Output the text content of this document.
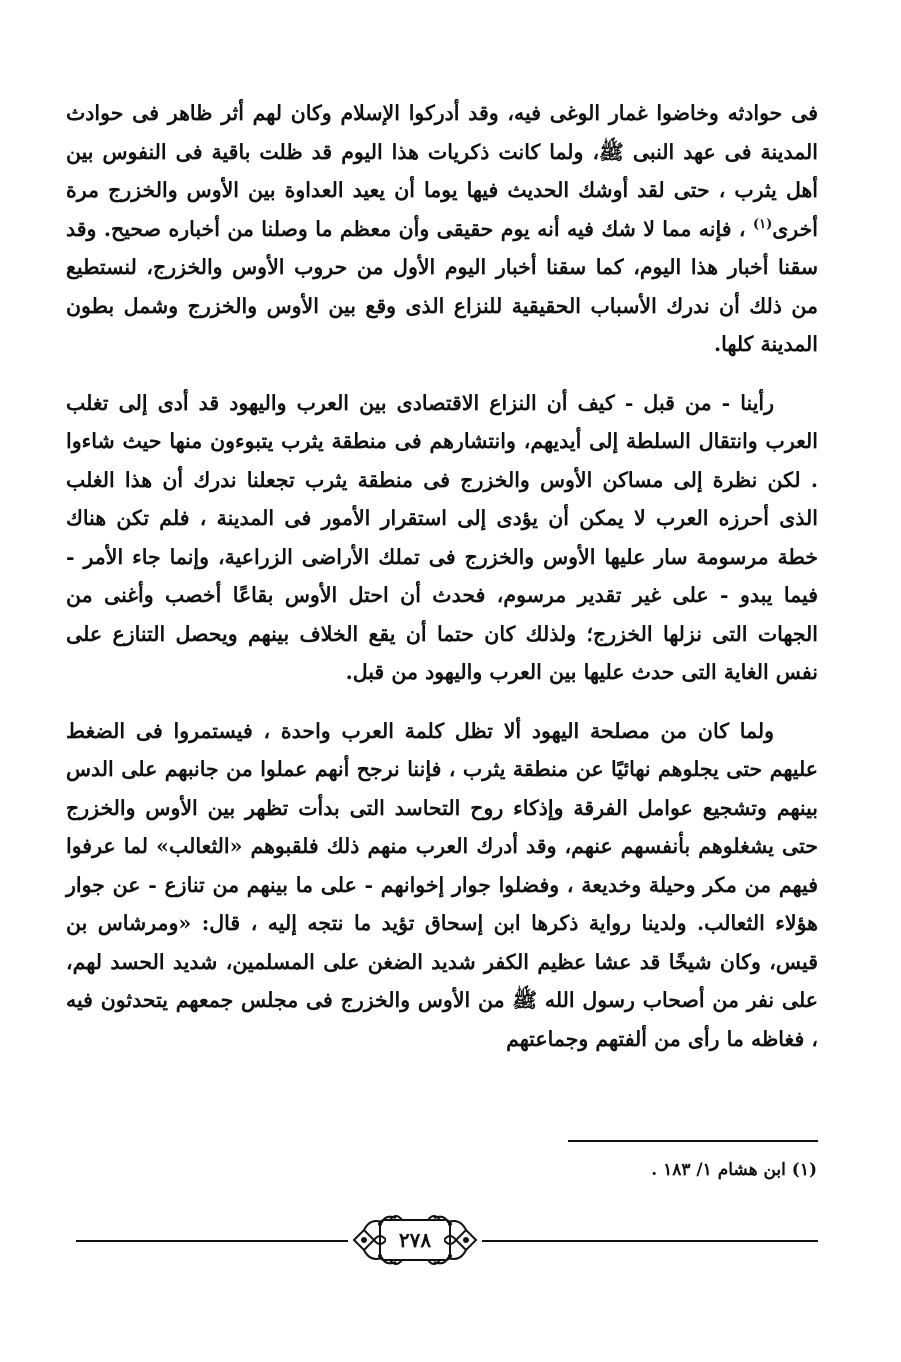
فى حوادثه وخاضوا غمار الوغى فيه، وقد أدركوا الإسلام وكان لهم أثر ظاهر فى حوادث المدينة فى عهد النبى ﷺ، ولما كانت ذكريات هذا اليوم قد ظلت باقية فى النفوس بين أهل يثرب ، حتى لقد أوشك الحديث فيها يوما أن يعيد العداوة بين الأوس والخزرج مرة أخرى$^{(١)}$ ، فإنه مما لا شك فيه أنه يوم حقيقى وأن معظم ما وصلنا من أخباره صحيح. وقد سقنا أخبار هذا اليوم، كما سقنا أخبار اليوم الأول من حروب الأوس والخزرج، لنستطيع من ذلك أن ندرك الأسباب الحقيقية للنزاع الذى وقع بين الأوس والخزرج وشمل بطون المدينة كلها.

رأينا - من قبل - كيف أن النزاع الاقتصادى بين العرب واليهود قد أدى إلى تغلب العرب وانتقال السلطة إلى أيديهم، وانتشارهم فى منطقة يثرب يتبوءون منها حيث شاءوا . لكن نظرة إلى مساكن الأوس والخزرج فى منطقة يثرب تجعلنا ندرك أن هذا الغلب الذى أحرزه العرب لا يمكن أن يؤدى إلى استقرار الأمور فى المدينة ، فلم تكن هناك خطة مرسومة سار عليها الأوس والخزرج فى تملك الأراضى الزراعية، وإنما جاء الأمر - فيما يبدو - على غير تقدير مرسوم، فحدث أن احتل الأوس بقاعًا أخصب وأغنى من الجهات التى نزلها الخزرج؛ ولذلك كان حتما أن يقع الخلاف بينهم ويحصل التنازع على نفس الغاية التى حدث عليها بين العرب واليهود من قبل.

ولما كان من مصلحة اليهود ألا تظل كلمة العرب واحدة ، فيستمروا فى الضغط عليهم حتى يجلوهم نهائيًا عن منطقة يثرب ، فإننا نرجح أنهم عملوا من جانبهم على الدس بينهم وتشجيع عوامل الفرقة وإذكاء روح التحاسد التى بدأت تظهر بين الأوس والخزرج حتى يشغلوهم بأنفسهم عنهم، وقد أدرك العرب منهم ذلك فلقبوهم «الثعالب» لما عرفوا فيهم من مكر وحيلة وخديعة ، وفضلوا جوار إخوانهم - على ما بينهم من تنازع - عن جوار هؤلاء الثعالب. ولدينا رواية ذكرها ابن إسحاق تؤيد ما نتجه إليه ، قال: «ومرشاس بن قيس، وكان شيخًا قد عشا عظيم الكفر شديد الضغن على المسلمين، شديد الحسد لهم، على نفر من أصحاب رسول الله ﷺ من الأوس والخزرج فى مجلس جمعهم يتحدثون فيه ، فغاظه ما رأى من ألفتهم وجماعتهم

(١) ابن هشام ١/ ١٨٣ .
٢٧٨
